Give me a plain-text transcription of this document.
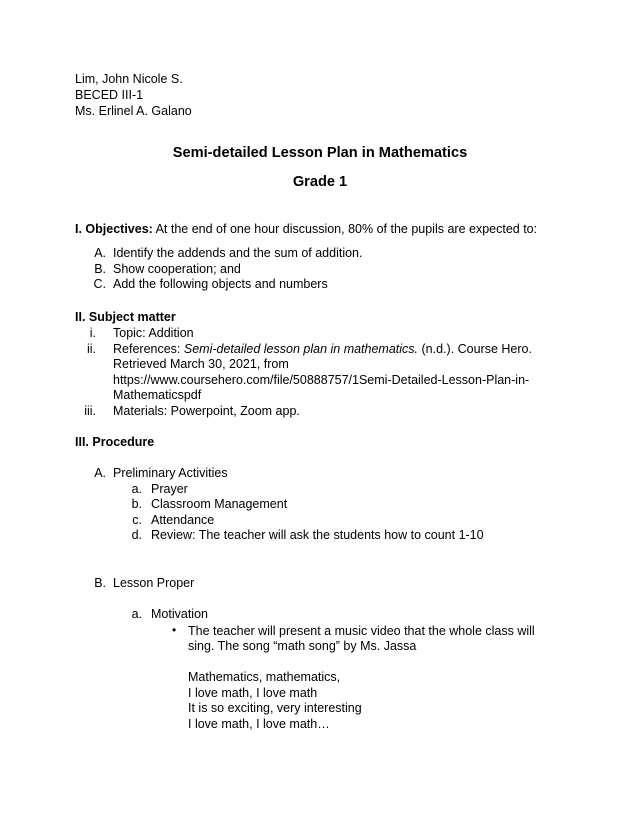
Lim, John Nicole S.
BECED III-1
Ms. Erlinel A. Galano
Semi-detailed Lesson Plan in Mathematics
Grade 1
I. Objectives: At the end of one hour discussion, 80% of the pupils are expected to:
A. Identify the addends and the sum of addition.
B. Show cooperation; and
C. Add the following objects and numbers
II. Subject matter
i. Topic: Addition
ii. References: Semi-detailed lesson plan in mathematics. (n.d.). Course Hero.
Retrieved March 30, 2021, from
https://www.coursehero.com/file/50888757/1Semi-Detailed-Lesson-Plan-in-
Mathematicspdf
iii. Materials: Powerpoint, Zoom app.
III. Procedure
A. Preliminary Activities
a. Prayer
b. Classroom Management
c. Attendance
d. Review: The teacher will ask the students how to count 1-10
B. Lesson Proper
a. Motivation
• The teacher will present a music video that the whole class will
sing. The song “math song” by Ms. Jassa
Mathematics, mathematics,
I love math, I love math
It is so exciting, very interesting
I love math, I love math…
